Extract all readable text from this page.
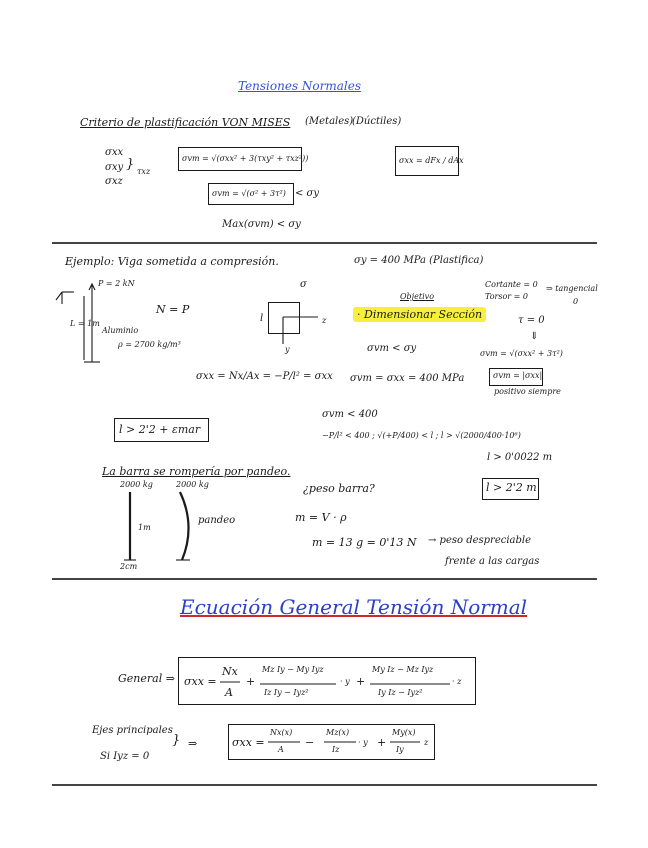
Tensiones Normales
Criterio de plastificación VON MISES (Metales)
(Dúctiles)
σxx
σxy
σxz
} τxz
σvm = √(σxx² + 3(τxy² + τxz²))
σvm = √(σ² + 3τ²) < σy
Max(σvm) < σy
σxx = dFx / dAx
Ejemplo: Viga sometida a compresión.	σy = 400 MPa (Plastifica)
P = 2 kN
L = 1m
Aluminio
ρ = 2700 kg/m³
N = P
σ
l	z
y
Objetivo
· Dimensionar Sección
Cortante = 0
Torsor = 0
⇒ tangencial
0
τ = 0
⇓
σvm = √(σxx² + 3τ²)
σvm < σy
σxx = Nx/Ax = −P/l² = σxx σvm = σxx = 400 MPa	σvm = |σxx|
positivo siempre
l > 2'2 + εmar
σvm < 400
−P/l² < 400 ; √(+P/400) < l ; l > √(2000/400·10⁶)
l > 0'0022 m
La barra se rompería por pandeo.
2000 kg	2000 kg
1m
2cm
pandeo
¿peso barra?	l > 2'2 m
m = V · ρ
m = 13 g = 0'13 N → peso despreciable
frente a las cargas
Ecuación General Tensión Normal
General ⇒ σxx =
Nx
A
+
Mz Iy − My Iyz
Iz Iy − Iyz²
· y +
My Iz − Mz Iyz
Iy Iz − Iyz²
· z
Ejes principales
Si Iyz = 0
} ⇒	σxx =
Nx(x)
A
−
Mz(x)
Iz
· y +
My(x)
Iy
z
